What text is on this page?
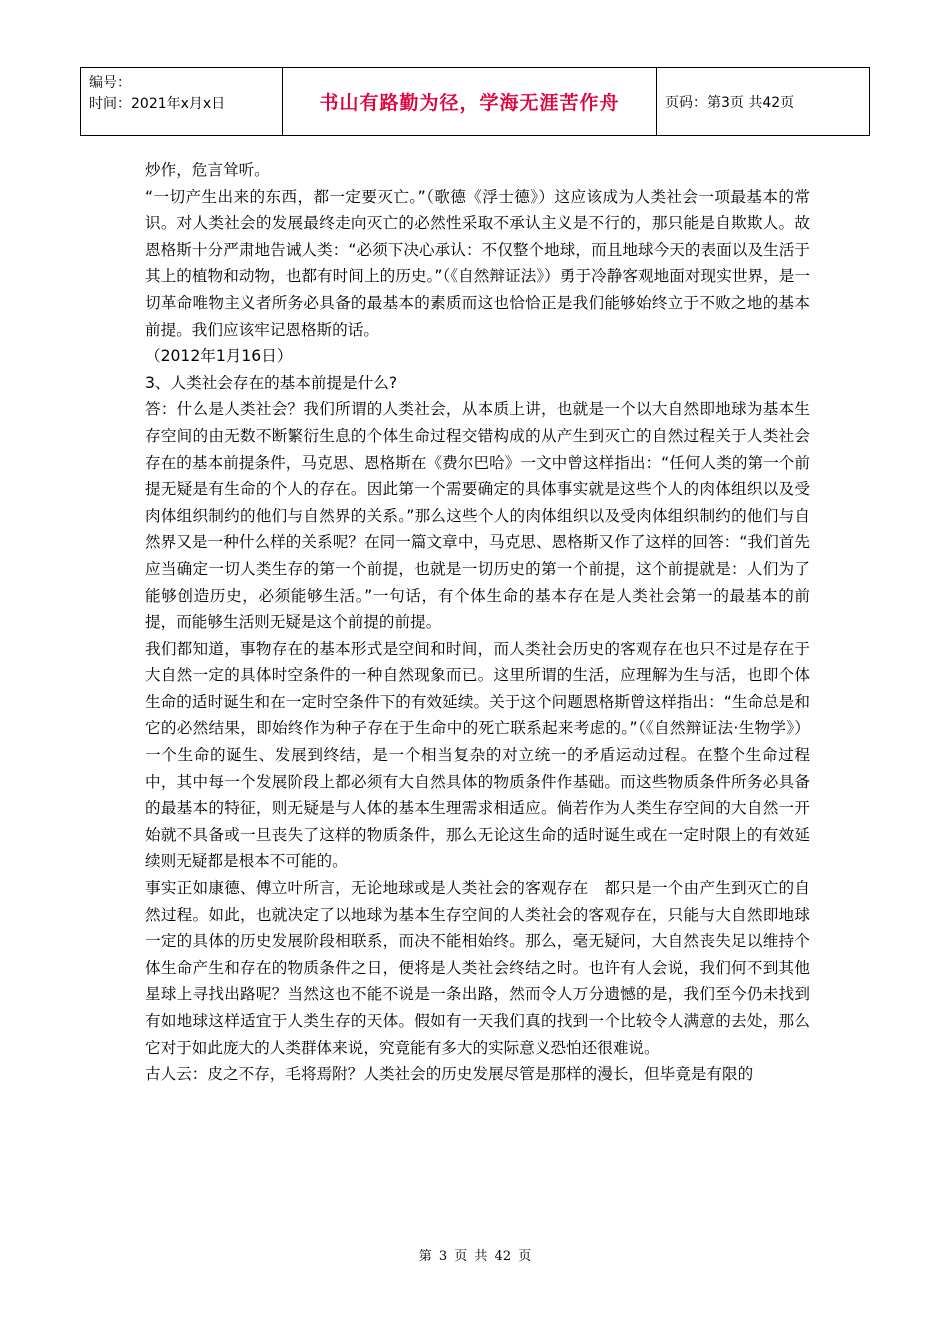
编号：
时间：2021年x月x日	书山有路勤为径，学海无涯苦作舟	页码：第3页 共42页

炒作，危言耸听。

“一切产生出来的东西，都一定要灭亡。”（歌德《浮士德》）这应该成为人类社会一项最基本的常识。对人类社会的发展最终走向灭亡的必然性采取不承认主义是不行的，那只能是自欺欺人。故恩格斯十分严肃地告诫人类：“必须下决心承认：不仅整个地球，而且地球今天的表面以及生活于其上的植物和动物，也都有时间上的历史。”（《自然辩证法》）勇于冷静客观地面对现实世界，是一切革命唯物主义者所务必具备的最基本的素质而这也恰恰正是我们能够始终立于不败之地的基本前提。我们应该牢记恩格斯的话。

（2012年1月16日）

3、人类社会存在的基本前提是什么?

答：什么是人类社会？我们所谓的人类社会，从本质上讲，也就是一个以大自然即地球为基本生存空间的由无数不断繁衍生息的个体生命过程交错构成的从产生到灭亡的自然过程关于人类社会存在的基本前提条件，马克思、恩格斯在《费尔巴哈》一文中曾这样指出：“任何人类的第一个前提无疑是有生命的个人的存在。因此第一个需要确定的具体事实就是这些个人的肉体组织以及受肉体组织制约的他们与自然界的关系。”那么这些个人的肉体组织以及受肉体组织制约的他们与自然界又是一种什么样的关系呢？在同一篇文章中，马克思、恩格斯又作了这样的回答：“我们首先应当确定一切人类生存的第一个前提，也就是一切历史的第一个前提，这个前提就是：人们为了能够创造历史，必须能够生活。”一句话，有个体生命的基本存在是人类社会第一的最基本的前提，而能够生活则无疑是这个前提的前提。

我们都知道，事物存在的基本形式是空间和时间，而人类社会历史的客观存在也只不过是存在于大自然一定的具体时空条件的一种自然现象而已。这里所谓的生活，应理解为生与活，也即个体生命的适时诞生和在一定时空条件下的有效延续。关于这个问题恩格斯曾这样指出：“生命总是和它的必然结果，即始终作为种子存在于生命中的死亡联系起来考虑的。”（《自然辩证法·生物学》）一个生命的诞生、发展到终结，是一个相当复杂的对立统一的矛盾运动过程。在整个生命过程中，其中每一个发展阶段上都必须有大自然具体的物质条件作基础。而这些物质条件所务必具备的最基本的特征，则无疑是与人体的基本生理需求相适应。倘若作为人类生存空间的大自然一开始就不具备或一旦丧失了这样的物质条件，那么无论这生命的适时诞生或在一定时限上的有效延续则无疑都是根本不可能的。

事实正如康德、傅立叶所言，无论地球或是人类社会的客观存在　都只是一个由产生到灭亡的自然过程。如此，也就决定了以地球为基本生存空间的人类社会的客观存在，只能与大自然即地球一定的具体的历史发展阶段相联系，而决不能相始终。那么，毫无疑问，大自然丧失足以维持个体生命产生和存在的物质条件之日，便将是人类社会终结之时。也许有人会说，我们何不到其他星球上寻找出路呢？当然这也不能不说是一条出路，然而令人万分遗憾的是，我们至今仍未找到有如地球这样适宜于人类生存的天体。假如有一天我们真的找到一个比较令人满意的去处，那么它对于如此庞大的人类群体来说，究竟能有多大的实际意义恐怕还很难说。

古人云：皮之不存，毛将焉附？人类社会的历史发展尽管是那样的漫长，但毕竟是有限的

第 3 页 共 42 页
